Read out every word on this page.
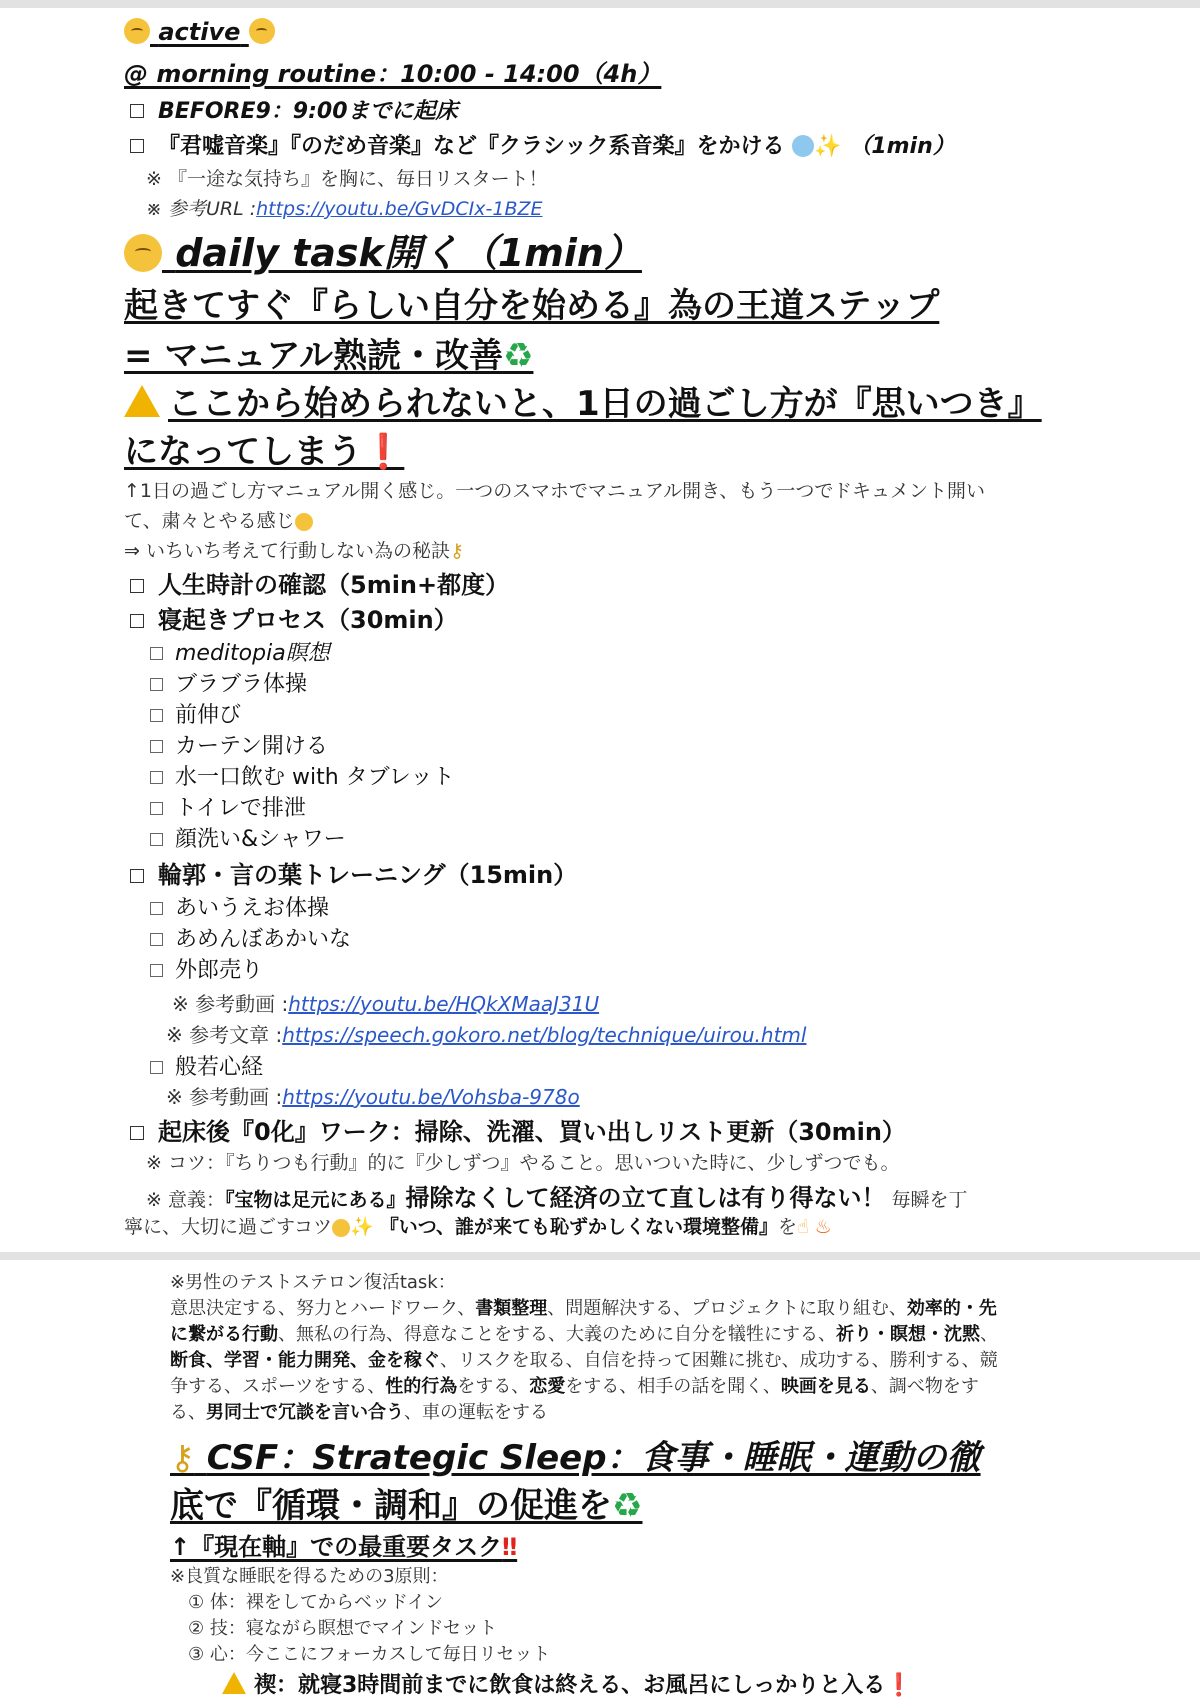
active
@ morning routine：10:00 - 14:00（4h）
BEFORE9：9:00までに起床
『君嘘音楽』『のだめ音楽』など『クラシック系音楽』をかける ✨ （1min）
※ 『一途な気持ち』を胸に、毎日リスタート！
※ 参考URL :https://youtu.be/GvDCIx-1BZE
daily task開く（1min）
起きてすぐ『らしい自分を始める』為の王道ステップ
= マニュアル熟読・改善♻
ここから始められないと、1日の過ごし方が『思いつき』
になってしまう❗
↑1日の過ごし方マニュアル開く感じ。一つのスマホでマニュアル開き、もう一つでドキュメント開い
て、粛々とやる感じ
⇒ いちいち考えて行動しない為の秘訣⚷
人生時計の確認（5min+都度）
寝起きプロセス（30min）
meditopia瞑想
ブラブラ体操
前伸び
カーテン開ける
水一口飲む with タブレット
トイレで排泄
顔洗い&シャワー
輪郭・言の葉トレーニング（15min）
あいうえお体操
あめんぼあかいな
外郎売り
※ 参考動画 :https://youtu.be/HQkXMaaJ31U
※ 参考文章 :https://speech.gokoro.net/blog/technique/uirou.html
般若心経
※ 参考動画 :https://youtu.be/Vohsba-978o
起床後『0化』ワーク：掃除、洗濯、買い出しリスト更新（30min）
※ コツ：『ちりつも行動』的に『少しずつ』やること。思いついた時に、少しずつでも。
※ 意義：『宝物は足元にある』掃除なくして経済の立て直しは有り得ない！ 毎瞬を丁
寧に、大切に過ごすコツ ✨ 『いつ、誰が来ても恥ずかしくない環境整備』を☝ ♨
※男性のテストステロン復活task：
意思決定する、努力とハードワーク、書類整理、問題解決する、プロジェクトに取り組む、効率的・先
に繋がる行動、無私の行為、得意なことをする、大義のために自分を犠牲にする、祈り・瞑想・沈黙、
断食、学習・能力開発、金を稼ぐ、リスクを取る、自信を持って困難に挑む、成功する、勝利する、競
争する、スポーツをする、性的行為をする、恋愛をする、相手の話を聞く、映画を見る、調べ物をす
る、男同士で冗談を言い合う、車の運転をする
⚷ CSF：Strategic Sleep：食事・睡眠・運動の徹
底で『循環・調和』の促進を♻
↑『現在軸』での最重要タスク‼
※良質な睡眠を得るための3原則：
① 体：裸をしてからベッドイン
② 技：寝ながら瞑想でマインドセット
③ 心：今ここにフォーカスして毎日リセット
禊：就寝3時間前までに飲食は終える、お風呂にしっかりと入る❗
